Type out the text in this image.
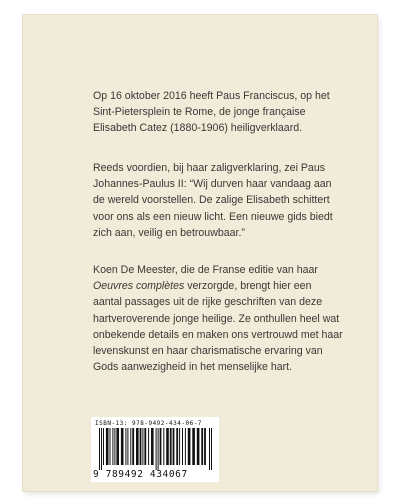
Op 16 oktober 2016 heeft Paus Franciscus, op het Sint-Pietersplein te Rome, de jonge française Elisabeth Catez (1880-1906) heiligverklaard.

Reeds voordien, bij haar zaligverklaring, zei Paus Johannes-Paulus II: “Wij durven haar vandaag aan de wereld voorstellen. De zalige Elisabeth schittert voor ons als een nieuw licht. Een nieuwe gids biedt zich aan, veilig en betrouwbaar.”

Koen De Meester, die de Franse editie van haar Oeuvres complètes verzorgde, brengt hier een aantal passages uit de rijke geschriften van deze hartveroverende jonge heilige. Ze onthullen heel wat onbekende details en maken ons vertrouwd met haar levenskunst en haar charismatische ervaring van Gods aanwezigheid in het menselijke hart.

ISBN-13: 978-9492-434-06-7
9 789492 434067
